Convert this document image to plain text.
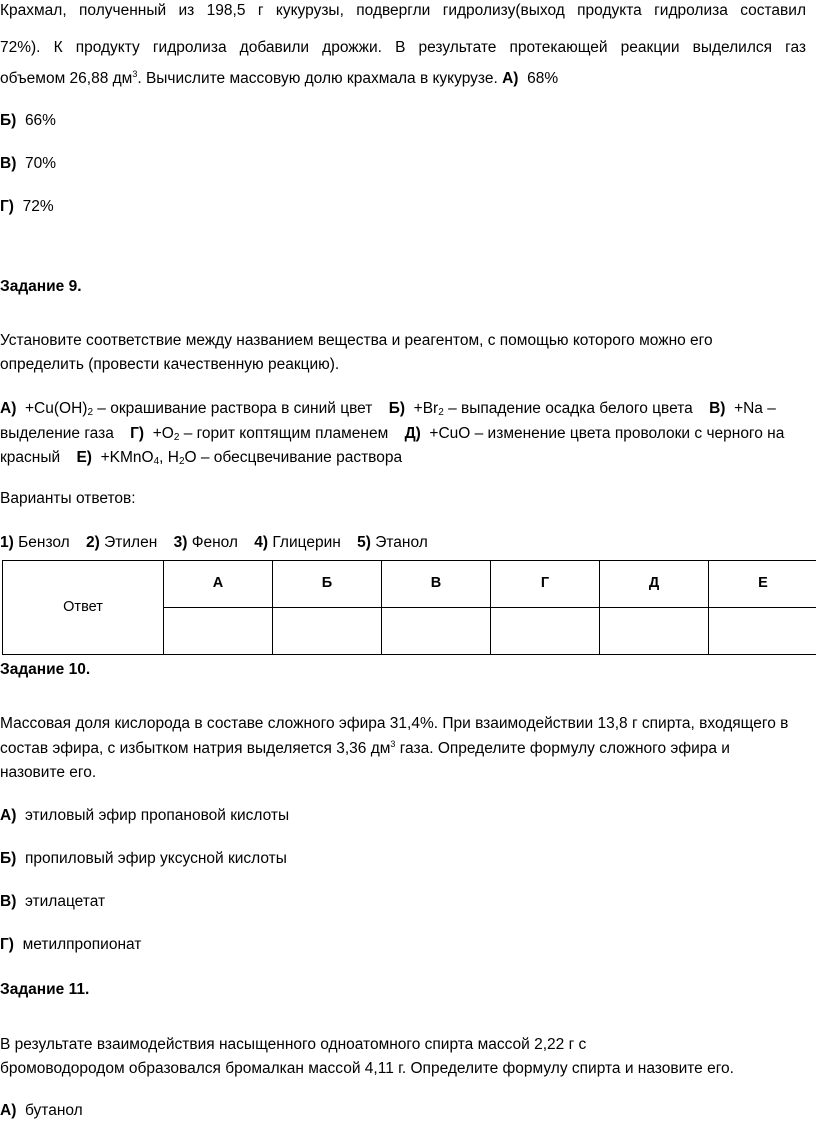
Крахмал, полученный из 198,5 г кукурузы, подвергли гидролизу(выход продукта гидролиза составил
72%). К продукту гидролиза добавили дрожжи. В результате протекающей реакции выделился газ
объемом 26,88 $дм^3$. Вычислите массовую долю крахмала в кукурузе. А) 68%
Б) 66%
В) 70%
Г) 72%
Задание 9.
Установите соответствие между названием вещества и реагентом, с помощью которого можно его
определить (провести качественную реакцию).
$А) +Cu(OH)_2$ – окрашивание раствора в синий цвет $Б) +Br_2$ – выпадение осадка белого цвета В) +Na –
выделение газа $Г) +O_2$ – горит коптящим пламенем Д) +CuO – изменение цвета проволоки с черного на
красный Е) +KMnO$_4$, $H_2O$ – обесцвечивание раствора
Варианты ответов:
1) Бензол 2) Этилен 3) Фенол 4) Глицерин 5) Этанол
Ответ	А	Б	В	Г	Д	Е

Задание 10.
Массовая доля кислорода в составе сложного эфира 31,4%. При взаимодействии 13,8 г спирта, входящего в
состав эфира, с избытком натрия выделяется 3,36 $дм^3$ газа. Определите формулу сложного эфира и
назовите его.
А) этиловый эфир пропановой кислоты
Б) пропиловый эфир уксусной кислоты
В) этилацетат
Г) метилпропионат
Задание 11.
В результате взаимодействия насыщенного одноатомного спирта массой 2,22 г с
бромоводородом образовался бромалкан массой 4,11 г. Определите формулу спирта и назовите его.
А) бутанол
